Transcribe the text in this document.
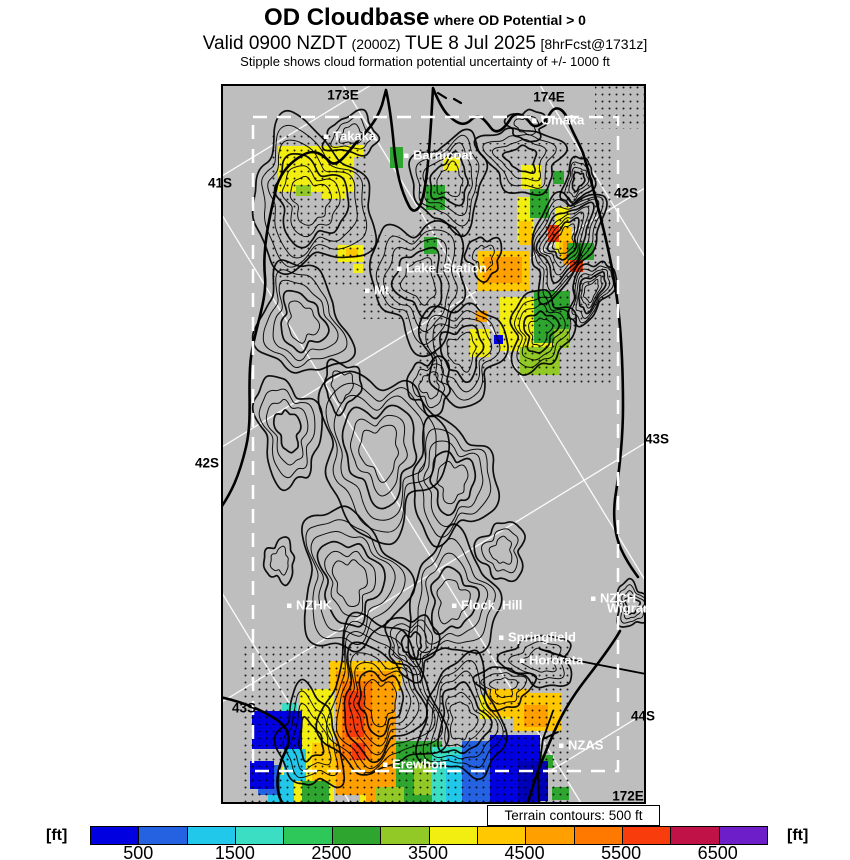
OD Cloudbase where OD Potential > 0
Valid 0900 NZDT (2000Z) TUE 8 Jul 2025 [8hrFcst@1731z]
Stipple shows cloud formation potential uncertainty of +/- 1000 ft
173E	174E
172E
41S
42S
42S
43S
43S
44S
Takaka
Omaka
Barnicoat
Lake_Station
Mt
NZHK	Flock_Hill
Springfield
Hororata
NZCH
Wigram
NZAS
Erewhon
Terrain contours: 500 ft
[ft]	[ft]
500	1500	2500	3500	4500	5500	6500
